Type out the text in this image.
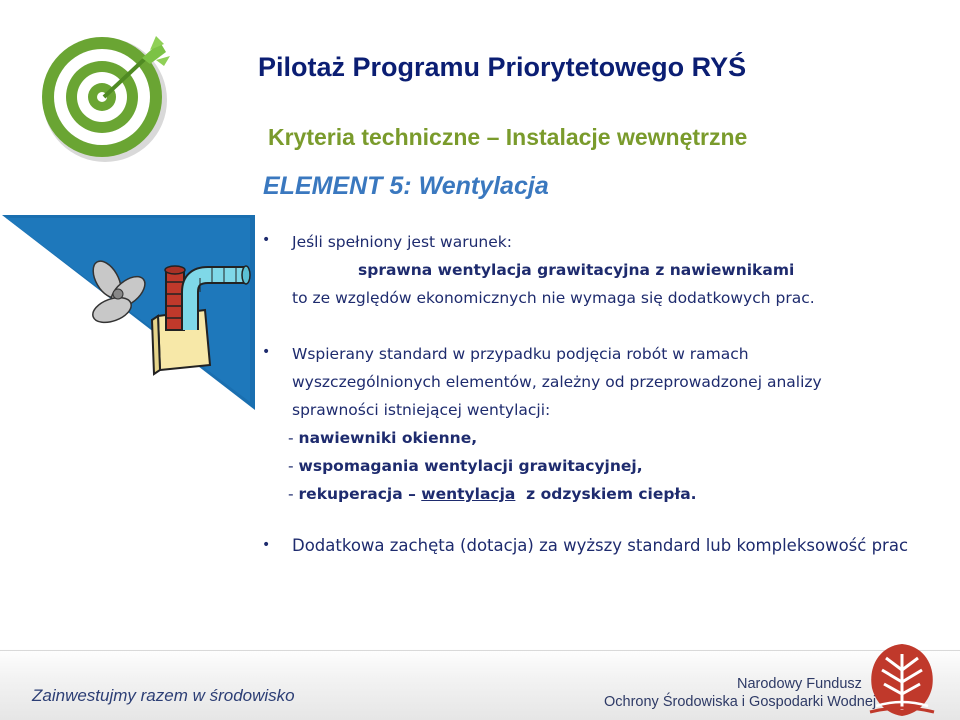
Pilotaż Programu Priorytetowego RYŚ
Kryteria techniczne – Instalacje wewnętrzne
ELEMENT 5: Wentylacja
• Jeśli spełniony jest warunek:
sprawna wentylacja grawitacyjna z nawiewnikami
to ze względów ekonomicznych nie wymaga się dodatkowych prac.
• Wspierany standard w przypadku podjęcia robót w ramach
wyszczególnionych elementów, zależny od przeprowadzonej analizy
sprawności istniejącej wentylacji:
- nawiewniki okienne,
- wspomagania wentylacji grawitacyjnej,
- rekuperacja – wentylacja  z odzyskiem ciepła.
• Dodatkowa zachęta (dotacja) za wyższy standard lub kompleksowość prac
Zainwestujmy razem w środowisko
Narodowy Fundusz
Ochrony Środowiska i Gospodarki Wodnej
